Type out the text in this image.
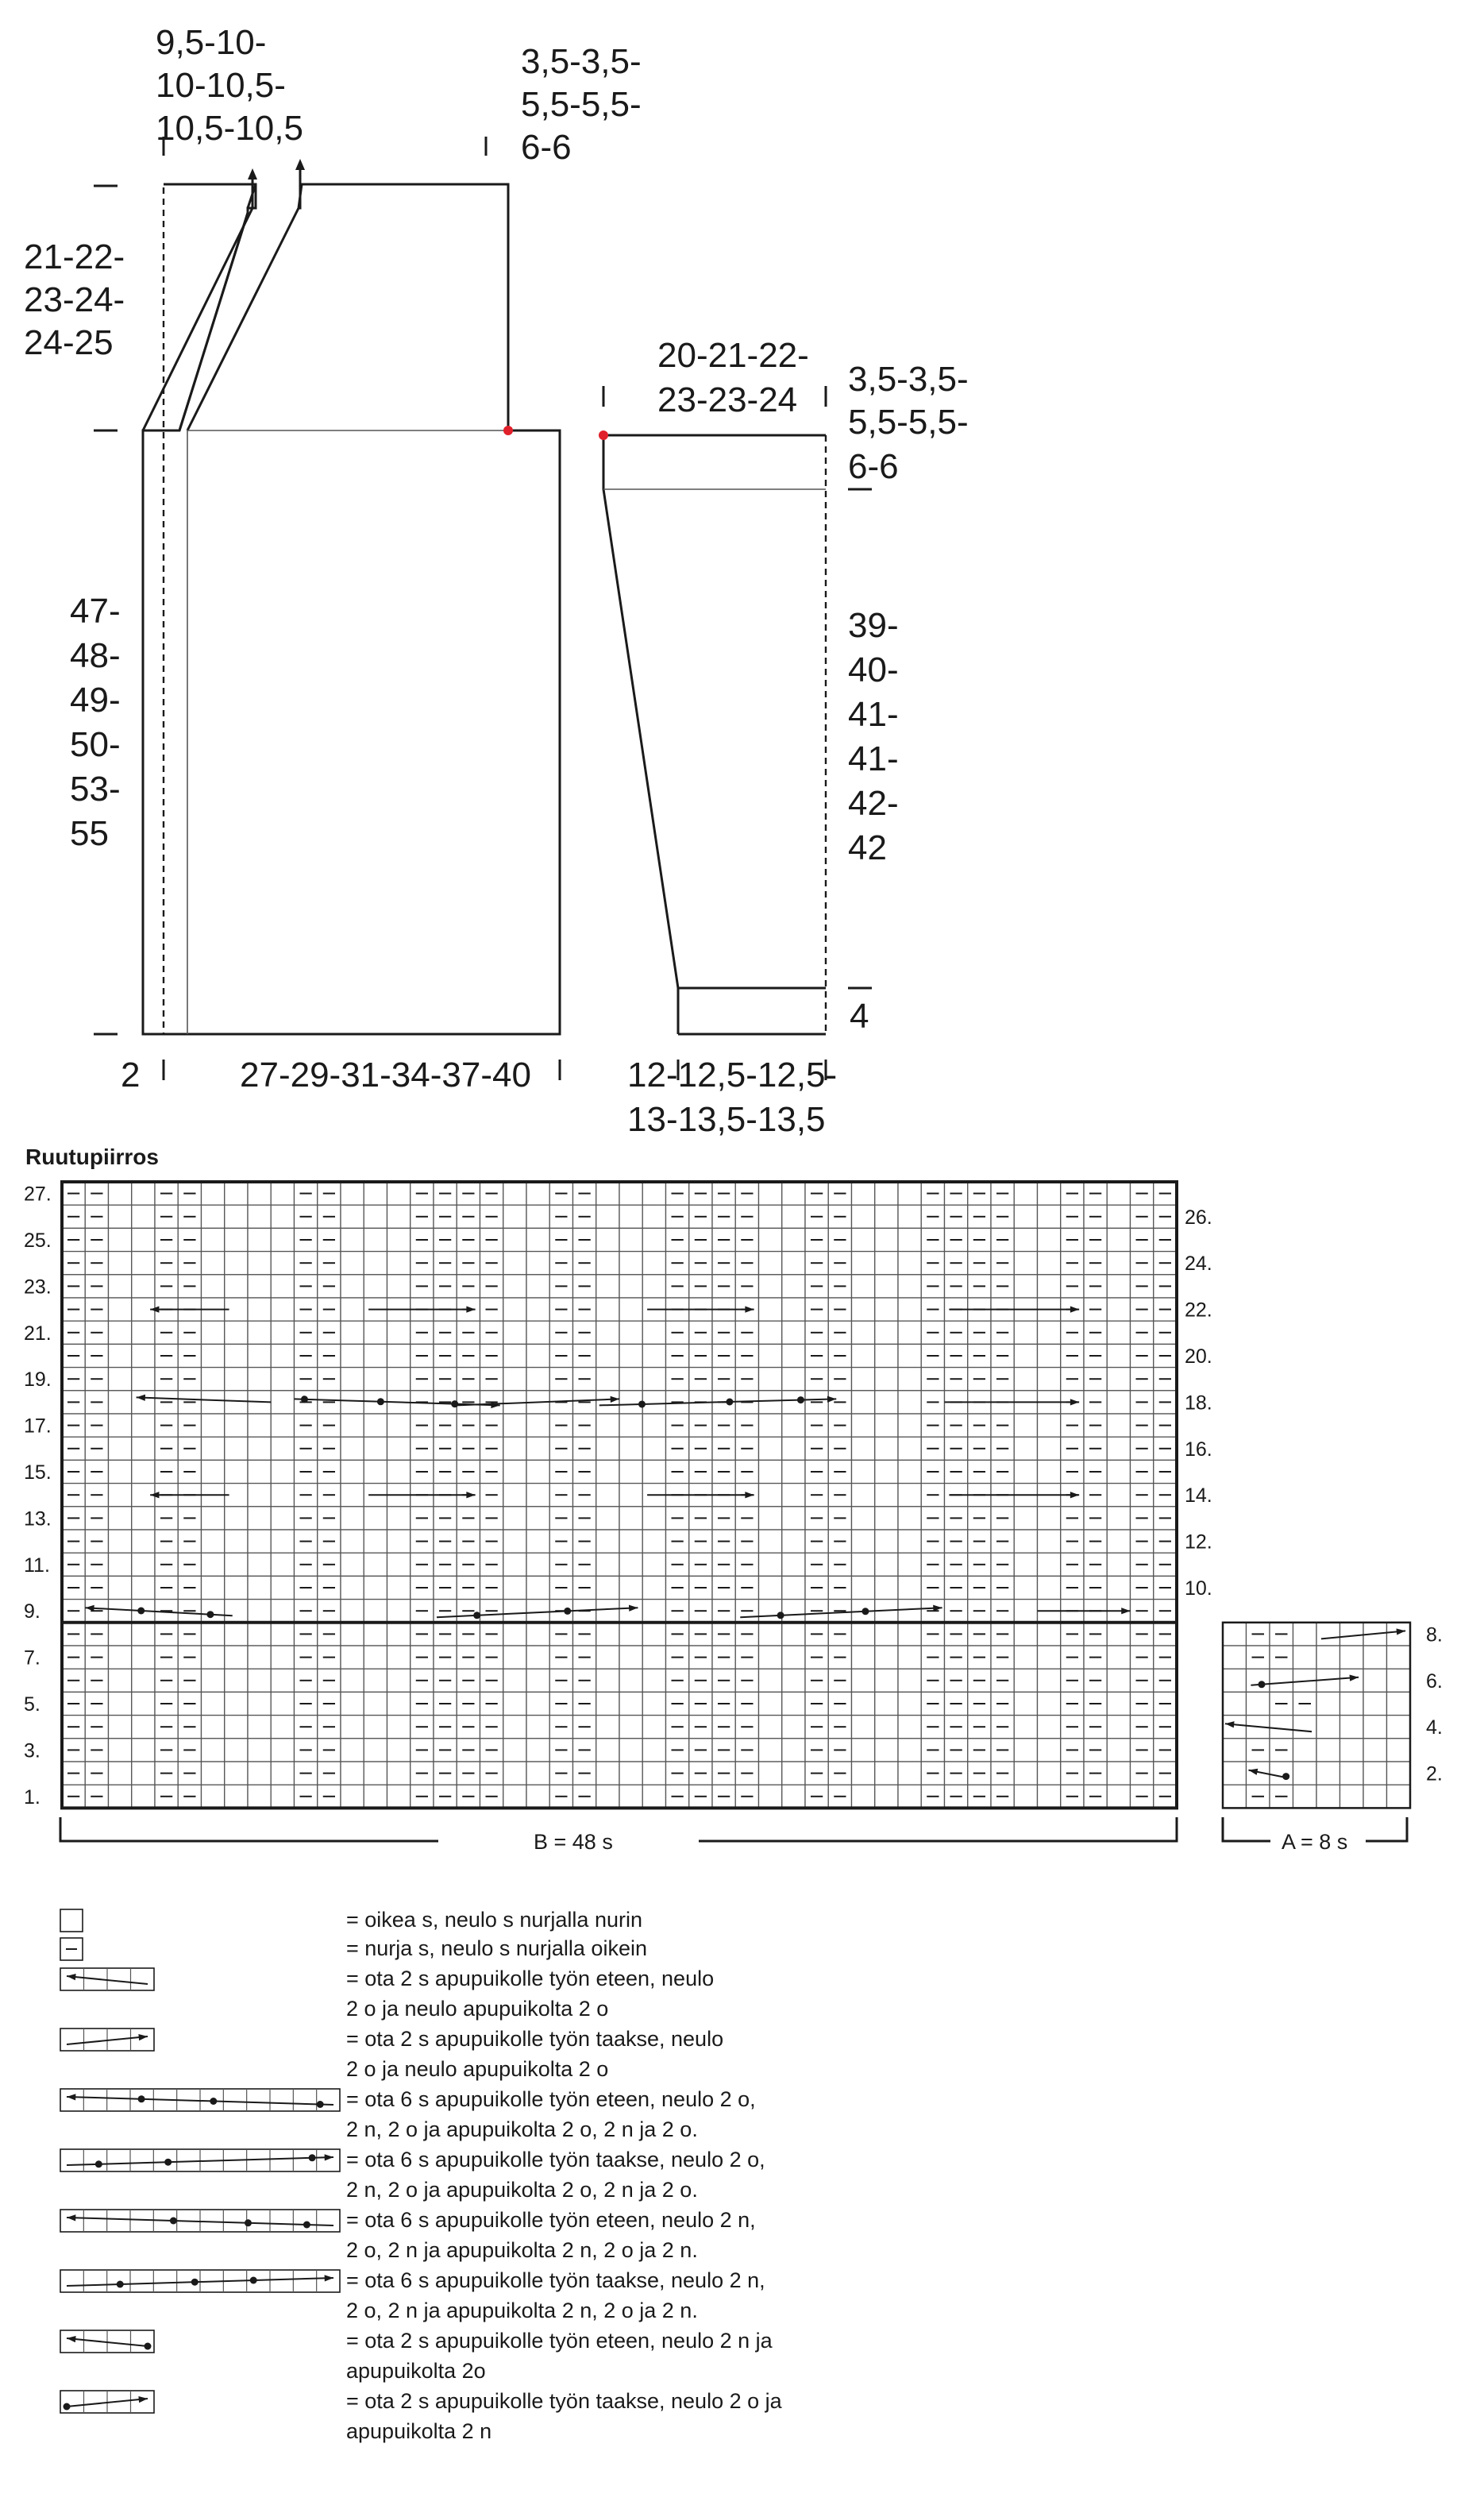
9,5-10-
10-10,5-
10,5-10,5
3,5-3,5-
5,5-5,5-
6-6
21-22-
23-24-
24-25
47-
48-
49-
50-
53-
55
2	27-29-31-34-37-40
20-21-22-
23-23-24
3,5-3,5-
5,5-5,5-
6-6
39-
40-
41-
41-
42-
42
4
12-12,5-12,5-
13-13,5-13,5
Ruutupiirros
27.
25.
23.
21.
19.
17.
15.
13.
11.
9.
7.
5.
3.
1.
26.
24.
22.
20.
18.
16.
14.
12.
10.
8.
6.
4.
2.
B = 48 s	A = 8 s
= oikea s, neulo s nurjalla nurin
= nurja s, neulo s nurjalla oikein
= ota 2 s apupuikolle työn eteen, neulo
2 o ja neulo apupuikolta 2 o
= ota 2 s apupuikolle työn taakse, neulo
2 o ja neulo apupuikolta 2 o
= ota 6 s apupuikolle työn eteen, neulo 2 o,
2 n, 2 o ja apupuikolta 2 o, 2 n ja 2 o.
= ota 6 s apupuikolle työn taakse, neulo 2 o,
2 n, 2 o ja apupuikolta 2 o, 2 n ja 2 o.
= ota 6 s apupuikolle työn eteen, neulo 2 n,
2 o, 2 n ja apupuikolta 2 n, 2 o ja 2 n.
= ota 6 s apupuikolle työn taakse, neulo 2 n,
2 o, 2 n ja apupuikolta 2 n, 2 o ja 2 n.
= ota 2 s apupuikolle työn eteen, neulo 2 n ja
apupuikolta 2o
= ota 2 s apupuikolle työn taakse, neulo 2 o ja
apupuikolta 2 n
